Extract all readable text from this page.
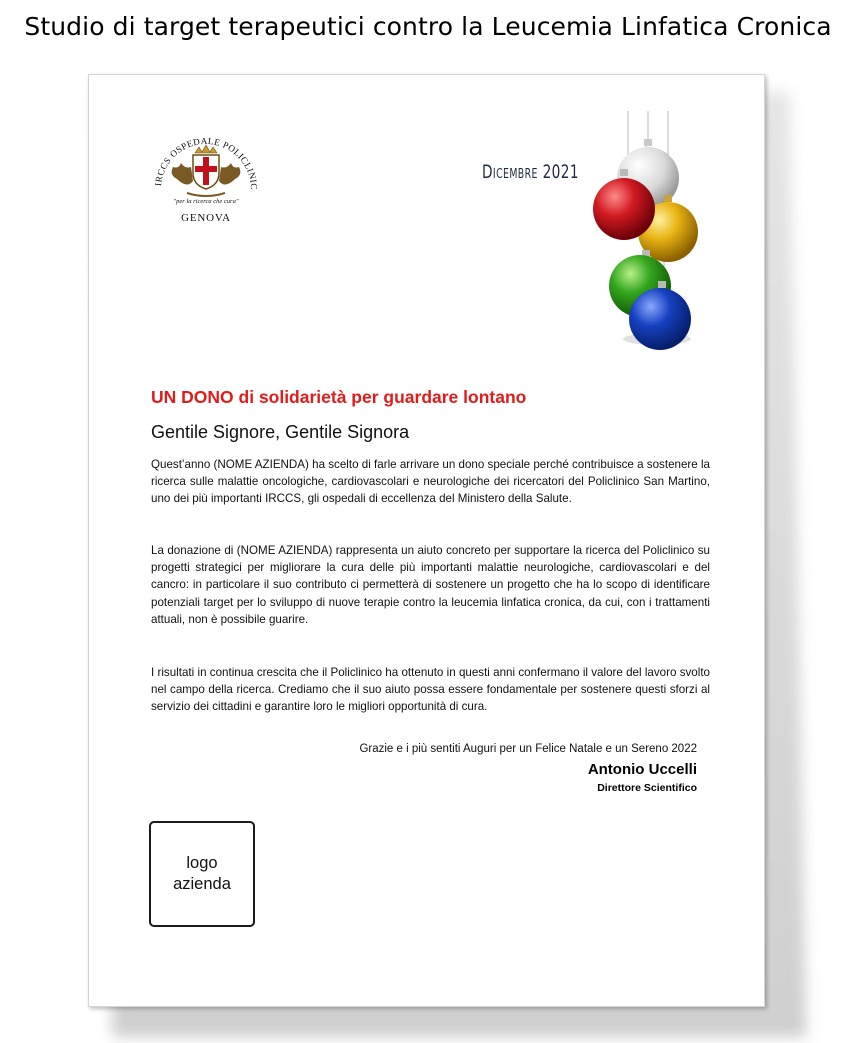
Studio di target terapeutici contro la Leucemia Linfatica Cronica
IRCCS OSPEDALE POLICLINIC
"per la ricerca che cura"
GENOVA
Dicembre 2021
UN DONO di solidarietà per guardare lontano
Gentile Signore, Gentile Signora
Quest’anno (NOME AZIENDA) ha scelto di farle arrivare un dono speciale perché contribuisce a sostenere la ricerca sulle malattie oncologiche, cardiovascolari e neurologiche dei ricercatori del Policlinico San Martino, uno dei più importanti IRCCS, gli ospedali di eccellenza del Ministero della Salute.
La donazione di (NOME AZIENDA) rappresenta un aiuto concreto per supportare la ricerca del Policlinico su progetti strategici per migliorare la cura delle più importanti malattie neurologiche, cardiovascolari e del cancro: in particolare il suo contributo ci permetterà di sostenere un progetto che ha lo scopo di identificare potenziali target per lo sviluppo di nuove terapie contro la leucemia linfatica cronica, da cui, con i trattamenti attuali, non è possibile guarire.
I risultati in continua crescita che il Policlinico ha ottenuto in questi anni confermano il valore del lavoro svolto nel campo della ricerca. Crediamo che il suo aiuto possa essere fondamentale per sostenere questi sforzi al servizio dei cittadini e garantire loro le migliori opportunità di cura.
Grazie e i più sentiti Auguri per un Felice Natale e un Sereno 2022
Antonio Uccelli
Direttore Scientifico
logo
azienda
